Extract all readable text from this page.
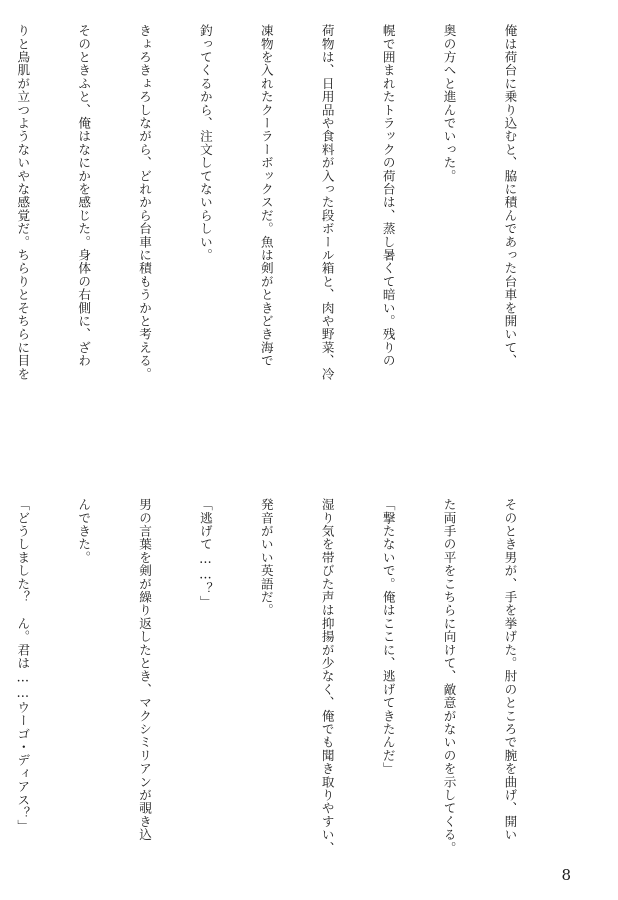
俺は荷台に乗り込むと、脇に積んであった台車を開いて、

奥の方へと進んでいった。

幌で囲まれたトラックの荷台は、蒸し暑くて暗い。残りの

荷物は、日用品や食料が入った段ボール箱と、肉や野菜、冷

凍物を入れたクーラーボックスだ。魚は剣がときどき海で

釣ってくるから、注文してないらしい。

きょろきょろしながら、どれから台車に積もうかと考える。

そのときふと、俺はなにかを感じた。身体の右側に、ざわ

りと鳥肌が立つようないやな感覚だ。ちらりとそちらに目を

そのとき男が、手を挙げた。肘のところで腕を曲げ、開い

た両手の平をこちらに向けて、敵意がないのを示してくる。

「撃たないで。俺はここに、逃げてきたんだ」

湿り気を帯びた声は抑揚が少なく、俺でも聞き取りやすい、

発音がいい英語だ。

「逃げて……？」

男の言葉を剣が繰り返したとき、マクシミリアンが覗き込

んできた。

「どうしました？　ん。君は……ウーゴ・ディアス？」

8
